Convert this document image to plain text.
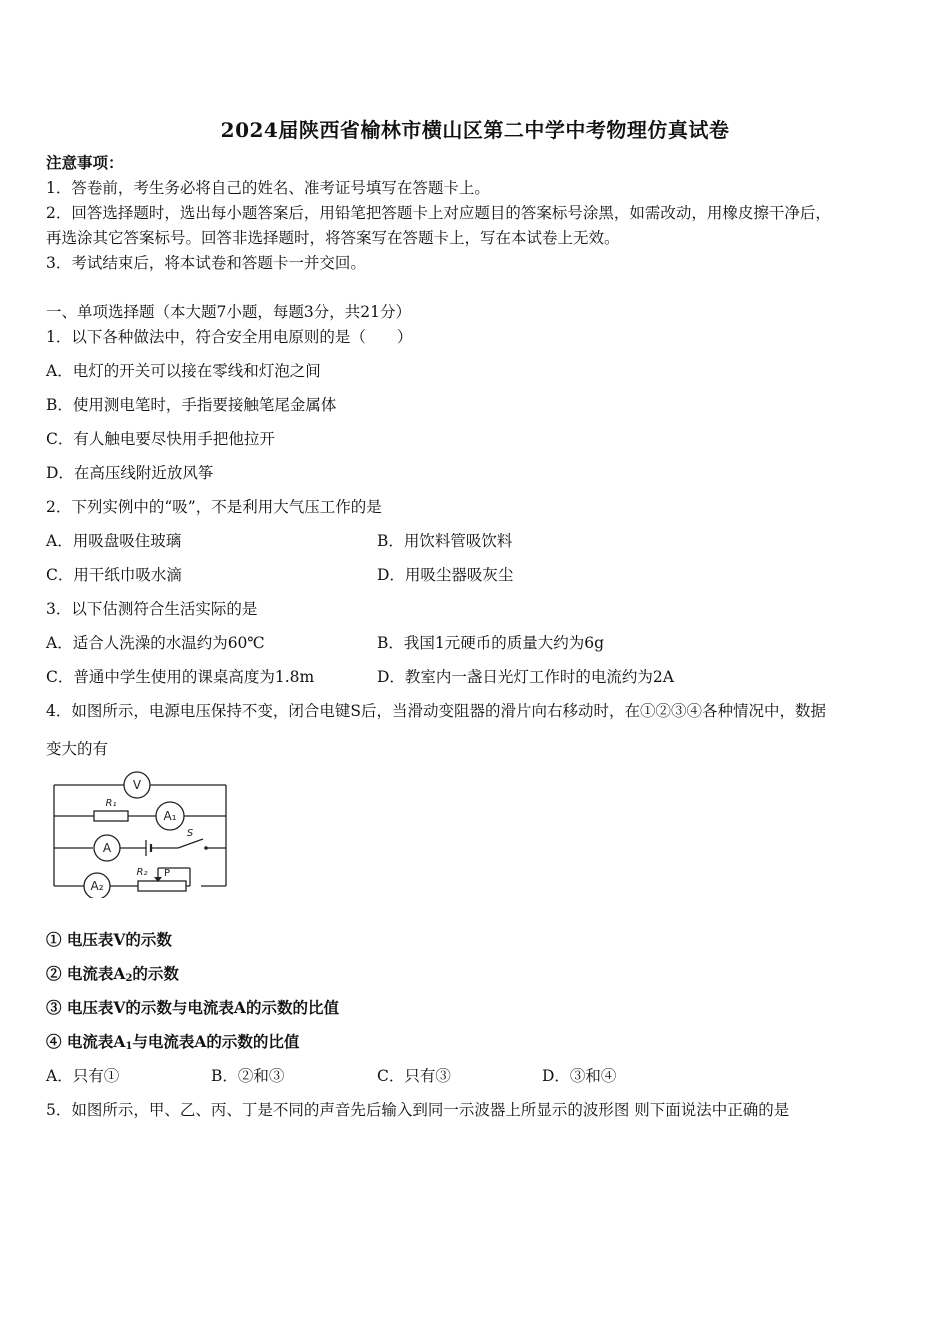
2024届陕西省榆林市横山区第二中学中考物理仿真试卷
注意事项：
1．答卷前，考生务必将自己的姓名、准考证号填写在答题卡上。
2．回答选择题时，选出每小题答案后，用铅笔把答题卡上对应题目的答案标号涂黑，如需改动，用橡皮擦干净后，
再选涂其它答案标号。回答非选择题时，将答案写在答题卡上，写在本试卷上无效。
3．考试结束后，将本试卷和答题卡一并交回。
一、单项选择题（本大题7小题，每题3分，共21分）
1．以下各种做法中，符合安全用电原则的是（　　）
A．电灯的开关可以接在零线和灯泡之间
B．使用测电笔时，手指要接触笔尾金属体
C．有人触电要尽快用手把他拉开
D．在高压线附近放风筝
2．下列实例中的“吸”，不是利用大气压工作的是
A．用吸盘吸住玻璃	B．用饮料管吸饮料
C．用干纸巾吸水滴	D．用吸尘器吸灰尘
3．以下估测符合生活实际的是
A．适合人洗澡的水温约为60℃	B．我国1元硬币的质量大约为6g
C．普通中学生使用的课桌高度为1.8m	D．教室内一盏日光灯工作时的电流约为2A
4．如图所示，电源电压保持不变，闭合电键S后，当滑动变阻器的滑片向右移动时，在①②③④各种情况中，数据
变大的有
V
A₁
A
A₂
R₁
R₂
S
P
① 电压表V的示数
② 电流表$A_2$的示数
③ 电压表V的示数与电流表A的示数的比值
④ 电流表$A_1$与电流表A的示数的比值
A．只有①	B．②和③	C．只有③	D．③和④
5．如图所示，甲、乙、丙、丁是不同的声音先后输入到同一示波器上所显示的波形图 则下面说法中正确的是
